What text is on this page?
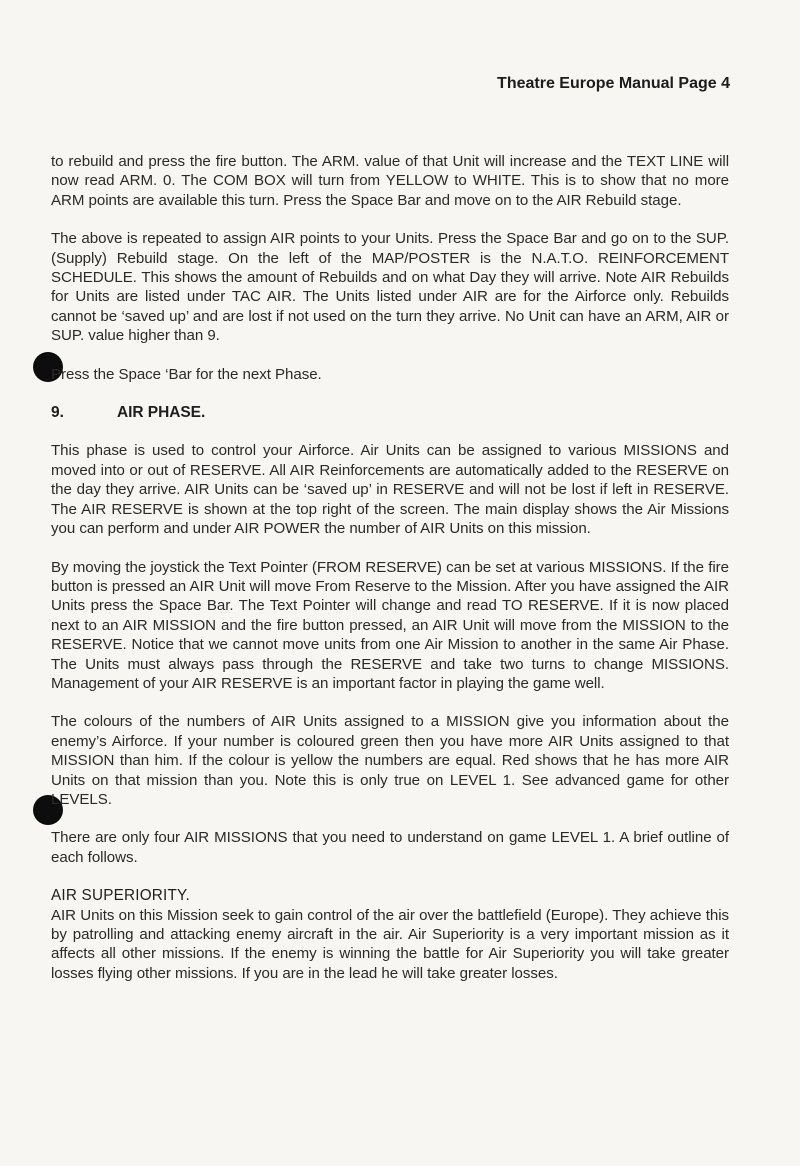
Theatre Europe Manual Page 4

to rebuild and press the fire button. The ARM. value of that Unit will increase and the TEXT LINE will now read ARM. 0. The COM BOX will turn from YELLOW to WHITE. This is to show that no more ARM points are available this turn. Press the Space Bar and move on to the AIR Rebuild stage.

The above is repeated to assign AIR points to your Units. Press the Space Bar and go on to the SUP. (Supply) Rebuild stage. On the left of the MAP/POSTER is the N.A.T.O. REINFORCEMENT SCHEDULE. This shows the amount of Rebuilds and on what Day they will arrive. Note AIR Rebuilds for Units are listed under TAC AIR. The Units listed under AIR are for the Airforce only. Rebuilds cannot be ‘saved up’ and are lost if not used on the turn they arrive. No Unit can have an ARM, AIR or SUP. value higher than 9.

Press the Space ‘Bar for the next Phase.

9.	AIR PHASE.

This phase is used to control your Airforce. Air Units can be assigned to various MISSIONS and moved into or out of RESERVE. All AIR Reinforcements are automatically added to the RESERVE on the day they arrive. AIR Units can be ‘saved up’ in RESERVE and will not be lost if left in RESERVE. The AIR RESERVE is shown at the top right of the screen. The main display shows the Air Missions you can perform and under AIR POWER the number of AIR Units on this mission.

By moving the joystick the Text Pointer (FROM RESERVE) can be set at various MISSIONS. If the fire button is pressed an AIR Unit will move From Reserve to the Mission. After you have assigned the AIR Units press the Space Bar. The Text Pointer will change and read TO RESERVE. If it is now placed next to an AIR MISSION and the fire button pressed, an AIR Unit will move from the MISSION to the RESERVE. Notice that we cannot move units from one Air Mission to another in the same Air Phase. The Units must always pass through the RESERVE and take two turns to change MISSIONS. Management of your AIR RESERVE is an important factor in playing the game well.

The colours of the numbers of AIR Units assigned to a MISSION give you information about the enemy’s Airforce. If your number is coloured green then you have more AIR Units assigned to that MISSION than him. If the colour is yellow the numbers are equal. Red shows that he has more AIR Units on that mission than you. Note this is only true on LEVEL 1. See advanced game for other LEVELS.

There are only four AIR MISSIONS that you need to understand on game LEVEL 1. A brief outline of each follows.

AIR SUPERIORITY.

AIR Units on this Mission seek to gain control of the air over the battlefield (Europe). They achieve this by patrolling and attacking enemy aircraft in the air. Air Superiority is a very important mission as it affects all other missions. If the enemy is winning the battle for Air Superiority you will take greater losses flying other missions. If you are in the lead he will take greater losses.
